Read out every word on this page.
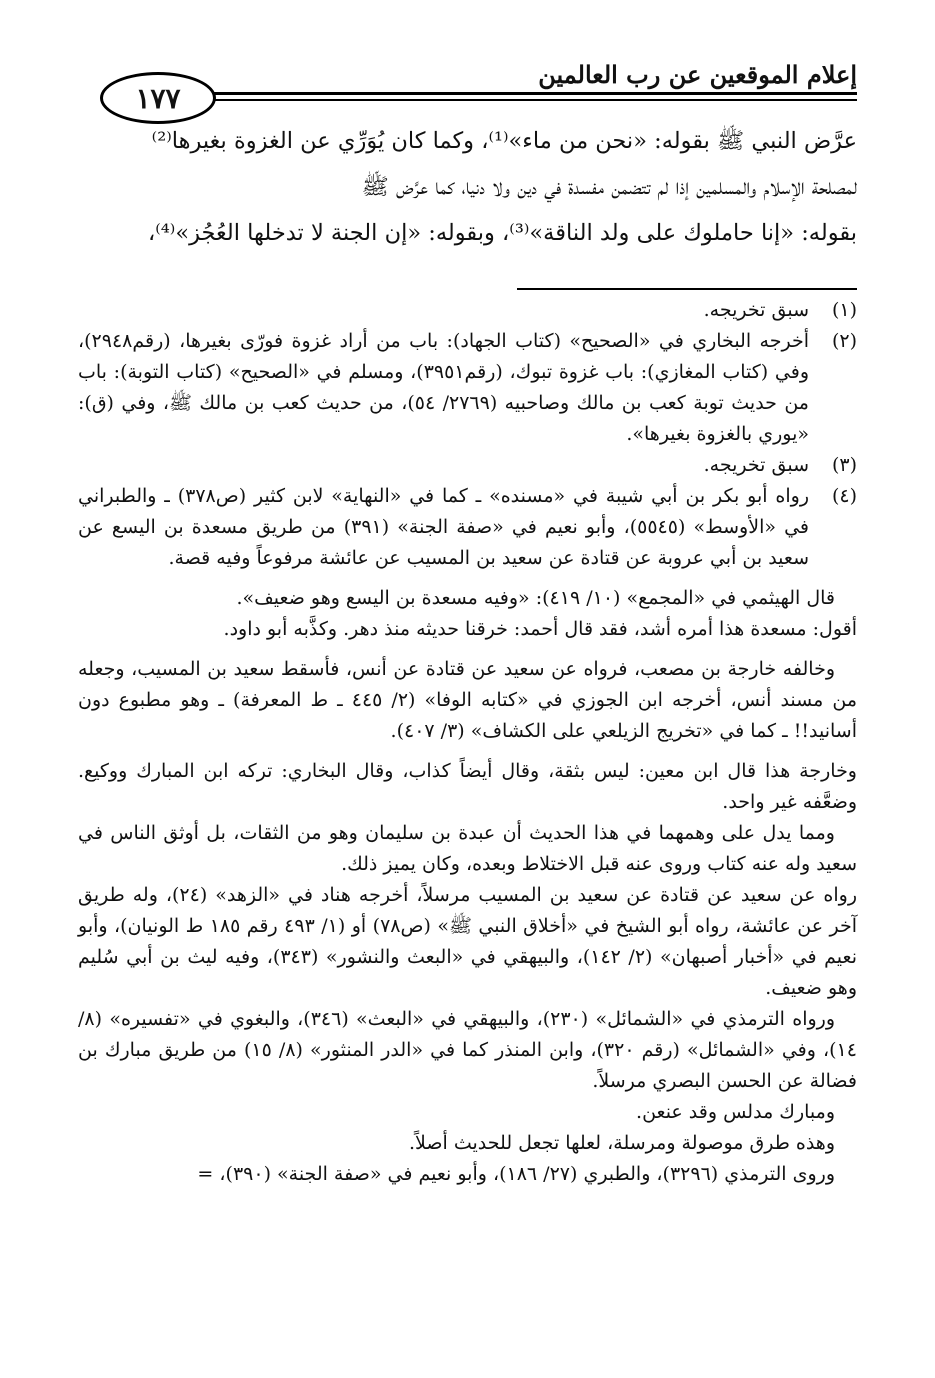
إعلام الموقعين عن رب العالمين
١٧٧

عرَّض النبي ﷺ بقوله: «نحن من ماء»⁽¹⁾، وكما كان يُوَرِّي عن الغزوة بغيرها⁽²⁾

لمصلحة الإسلام والمسلمين إذا لم تتضمن مفسدة في دين ولا دنيا، كما عرَّض ﷺ

بقوله: «إنا حاملوك على ولد الناقة»⁽³⁾، وبقوله: «إن الجنة لا تدخلها العُجُز»⁽⁴⁾،

(١)
سبق تخريجه.
(٢)
أخرجه البخاري في «الصحيح» (كتاب الجهاد): باب من أراد غزوة فورّى بغيرها، (رقم٢٩٤٨)، وفي (كتاب المغازي): باب غزوة تبوك، (رقم٣٩٥١)، ومسلم في «الصحيح» (كتاب التوبة): باب من حديث توبة كعب بن مالك وصاحبيه (٢٧٦٩/ ٥٤)، من حديث كعب بن مالك ﷺ، وفي (ق): «يوري بالغزوة بغيرها».
(٣)
سبق تخريجه.
(٤)
رواه أبو بكر بن أبي شيبة في «مسنده» ـ كما في «النهاية» لابن كثير (ص٣٧٨) ـ والطبراني في «الأوسط» (٥٥٤٥)، وأبو نعيم في «صفة الجنة» (٣٩١) من طريق مسعدة بن اليسع عن سعيد بن أبي عروبة عن قتادة عن سعيد بن المسيب عن عائشة مرفوعاً وفيه قصة.

قال الهيثمي في «المجمع» (١٠/ ٤١٩): «وفيه مسعدة بن اليسع وهو ضعيف».

أقول: مسعدة هذا أمره أشد، فقد قال أحمد: خرقنا حديثه منذ دهر. وكذَّبه أبو داود.

وخالفه خارجة بن مصعب، فرواه عن سعيد عن قتادة عن أنس، فأسقط سعيد بن المسيب، وجعله من مسند أنس، أخرجه ابن الجوزي في «كتابه الوفا» (٢/ ٤٤٥ ـ ط المعرفة) ـ وهو مطبوع دون أسانيد!! ـ كما في «تخريج الزيلعي على الكشاف» (٣/ ٤٠٧).

وخارجة هذا قال ابن معين: ليس بثقة، وقال أيضاً كذاب، وقال البخاري: تركه ابن المبارك ووكيع. وضعَّفه غير واحد.

ومما يدل على وهمهما في هذا الحديث أن عبدة بن سليمان وهو من الثقات، بل أوثق الناس في سعيد وله عنه كتاب وروى عنه قبل الاختلاط وبعده، وكان يميز ذلك.

رواه عن سعيد عن قتادة عن سعيد بن المسيب مرسلاً، أخرجه هناد في «الزهد» (٢٤)، وله طريق آخر عن عائشة، رواه أبو الشيخ في «أخلاق النبي ﷺ» (ص٧٨) أو (١/ ٤٩٣ رقم ١٨٥ ط الونيان)، وأبو نعيم في «أخبار أصبهان» (٢/ ١٤٢)، والبيهقي في «البعث والنشور» (٣٤٣)، وفيه ليث بن أبي سُليم وهو ضعيف.

ورواه الترمذي في «الشمائل» (٢٣٠)، والبيهقي في «البعث» (٣٤٦)، والبغوي في «تفسيره» (٨/ ١٤)، وفي «الشمائل» (رقم ٣٢٠)، وابن المنذر كما في «الدر المنثور» (٨/ ١٥) من طريق مبارك بن فضالة عن الحسن البصري مرسلاً.

ومبارك مدلس وقد عنعن.

وهذه طرق موصولة ومرسلة، لعلها تجعل للحديث أصلاً.

وروى الترمذي (٣٢٩٦)، والطبري (٢٧/ ١٨٦)، وأبو نعيم في «صفة الجنة» (٣٩٠)، =
